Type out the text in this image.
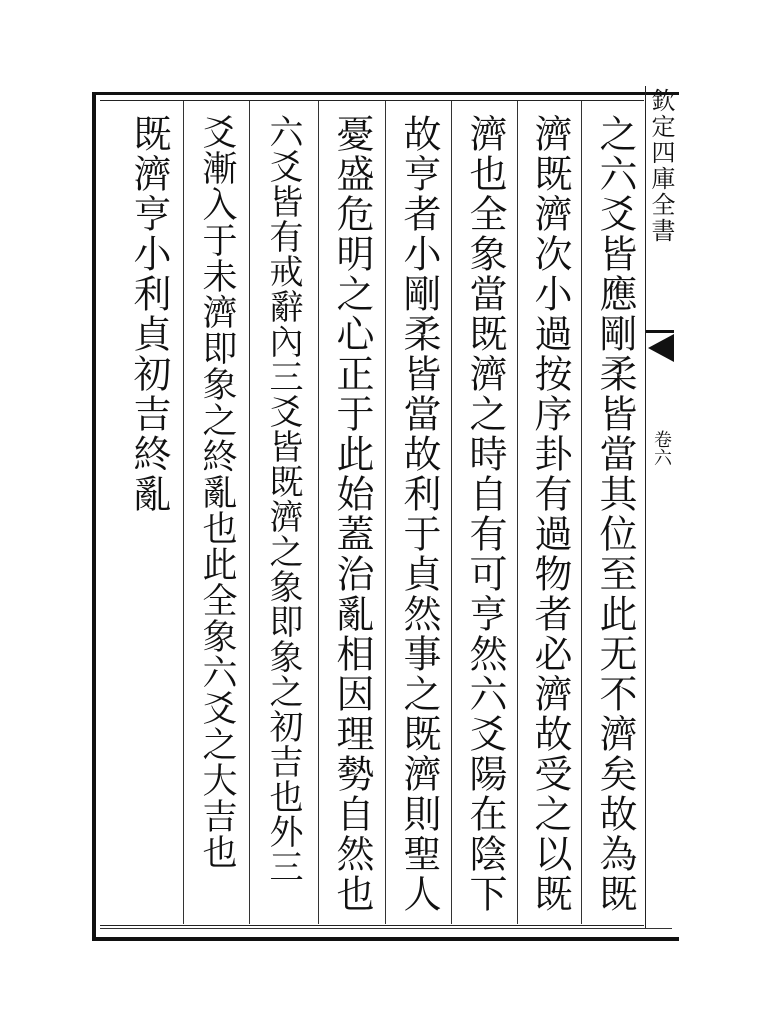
之六爻皆應剛柔皆當其位至此无不濟矣故為既
濟既濟次小過按序卦有過物者必濟故受之以既
濟也全象當既濟之時自有可亨然六爻陽在陰下
故亨者小剛柔皆當故利于貞然事之既濟則聖人
憂盛危明之心正于此始蓋治亂相因理勢自然也
六爻皆有戒辭內三爻皆既濟之象即象之初吉也外三
爻漸入于未濟即象之終亂也此全象六爻之大吉也
既濟亨小利貞初吉終亂	欽定四庫全書
卷六
